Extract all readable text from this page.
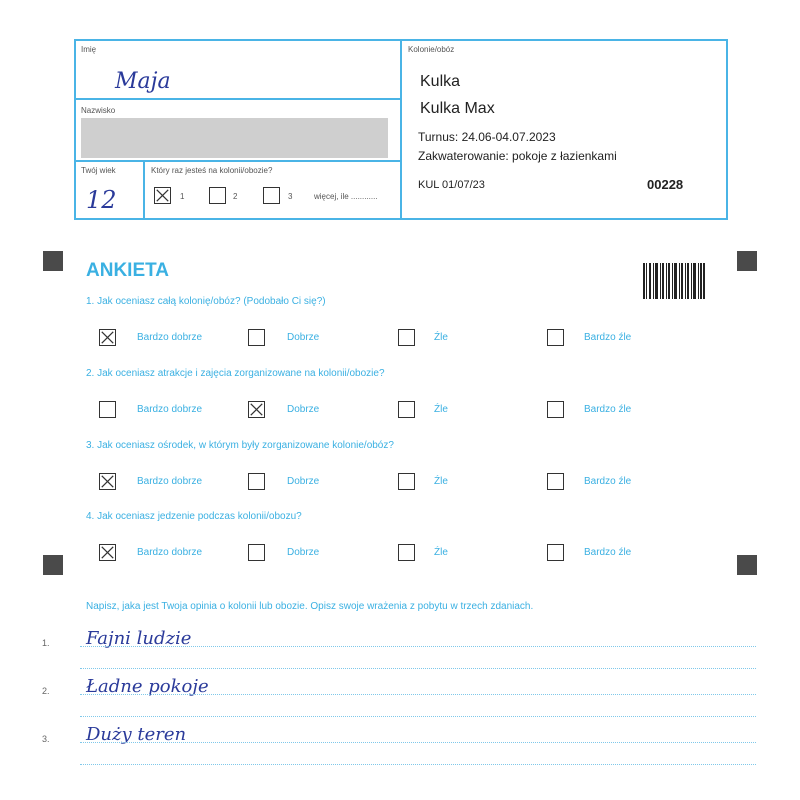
Imię
Maja
Nazwisko
Twój wiek
12
Który raz jesteś na kolonii/obozie?
1	2	3	więcej, ile ............
Kolonie/obóz
Kulka
Kulka Max
Turnus: 24.06-04.07.2023
Zakwaterowanie: pokoje z łazienkami
KUL 01/07/23	00228
ANKIETA
1. Jak oceniasz całą kolonię/obóz? (Podobało Ci się?)
Bardzo dobrze	Dobrze	Źle	Bardzo źle
2. Jak oceniasz atrakcje i zajęcia zorganizowane na kolonii/obozie?
Bardzo dobrze	Dobrze	Źle	Bardzo źle
3. Jak oceniasz ośrodek, w którym były zorganizowane kolonie/obóz?
Bardzo dobrze	Dobrze	Źle	Bardzo źle
4. Jak oceniasz jedzenie podczas kolonii/obozu?
Bardzo dobrze	Dobrze	Źle	Bardzo źle
Napisz, jaka jest Twoja opinia o kolonii lub obozie. Opisz swoje wrażenia z pobytu w trzech zdaniach.
1. Fajni ludzie
2. Ładne pokoje
3. Duży teren
